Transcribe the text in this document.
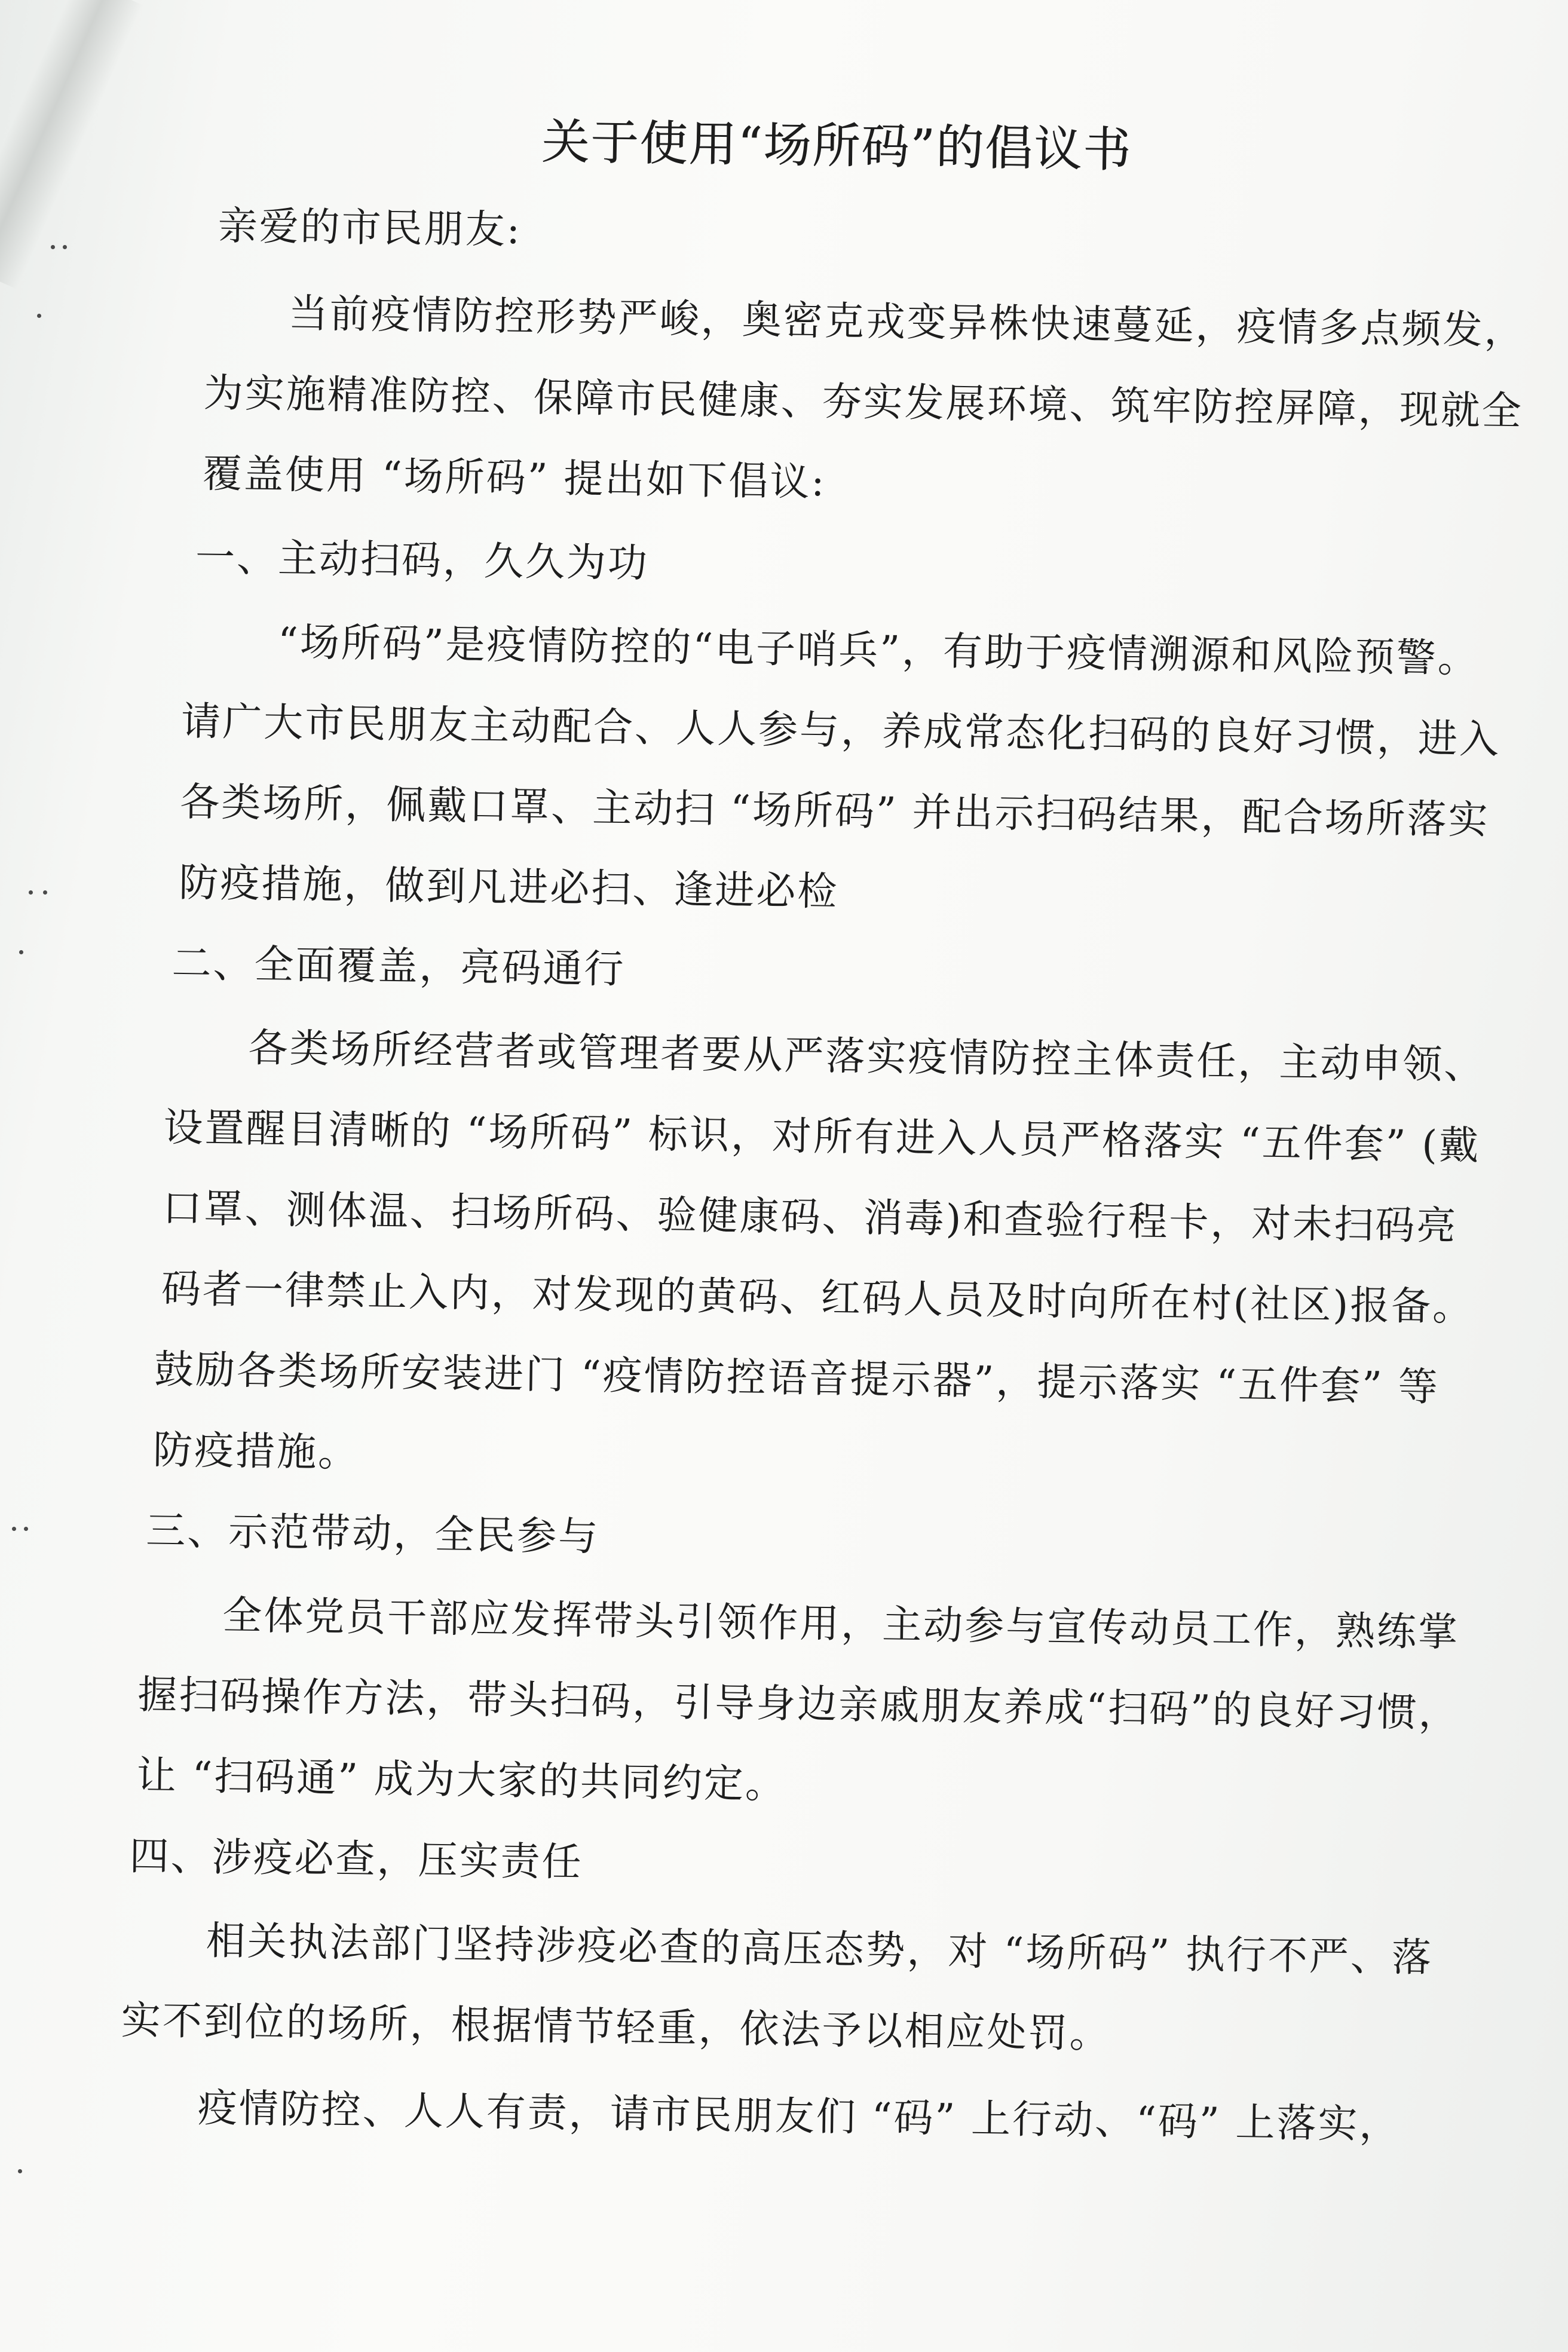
关于使用“场所码”的倡议书
亲爱的市民朋友:
当前疫情防控形势严峻，奥密克戎变异株快速蔓延，疫情多点频发，
为实施精准防控、保障市民健康、夯实发展环境、筑牢防控屏障，现就全
覆盖使用 “场所码” 提出如下倡议:
一、主动扫码，久久为功
“场所码”是疫情防控的“电子哨兵”，有助于疫情溯源和风险预警。
请广大市民朋友主动配合、人人参与，养成常态化扫码的良好习惯，进入
各类场所，佩戴口罩、主动扫 “场所码” 并出示扫码结果，配合场所落实
防疫措施，做到凡进必扫、逢进必检
二、全面覆盖，亮码通行
各类场所经营者或管理者要从严落实疫情防控主体责任，主动申领、
设置醒目清晰的 “场所码” 标识，对所有进入人员严格落实 “五件套” (戴
口罩、测体温、扫场所码、验健康码、消毒)和查验行程卡，对未扫码亮
码者一律禁止入内，对发现的黄码、红码人员及时向所在村(社区)报备。
鼓励各类场所安装进门 “疫情防控语音提示器”，提示落实 “五件套” 等
防疫措施。
三、示范带动，全民参与
全体党员干部应发挥带头引领作用，主动参与宣传动员工作，熟练掌
握扫码操作方法，带头扫码，引导身边亲戚朋友养成“扫码”的良好习惯，
让 “扫码通” 成为大家的共同约定。
四、涉疫必查，压实责任
相关执法部门坚持涉疫必查的高压态势，对 “场所码” 执行不严、落
实不到位的场所，根据情节轻重，依法予以相应处罚。
疫情防控、人人有责，请市民朋友们 “码” 上行动、“码” 上落实，
